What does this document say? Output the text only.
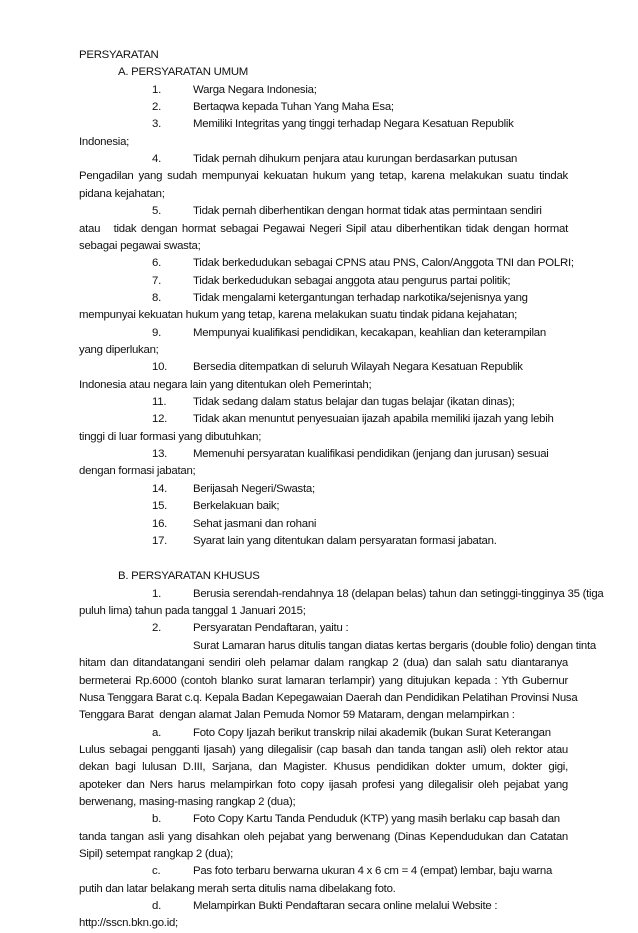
PERSYARATAN
A. PERSYARATAN UMUM
1.	Warga Negara Indonesia;
2.	Bertaqwa kepada Tuhan Yang Maha Esa;
3.	Memiliki Integritas yang tinggi terhadap Negara Kesatuan Republik
Indonesia;
4.	Tidak pernah dihukum penjara atau kurungan berdasarkan putusan
Pengadilan yang sudah mempunyai kekuatan hukum yang tetap, karena melakukan suatu tindak
pidana kejahatan;
5.	Tidak pernah diberhentikan dengan hormat tidak atas permintaan sendiri
atau   tidak dengan hormat sebagai Pegawai Negeri Sipil atau diberhentikan tidak dengan hormat
sebagai pegawai swasta;
6.	Tidak berkedudukan sebagai CPNS atau PNS, Calon/Anggota TNI dan POLRI;
7.	Tidak berkedudukan sebagai anggota atau pengurus partai politik;
8.	Tidak mengalami ketergantungan terhadap narkotika/sejenisnya yang
mempunyai kekuatan hukum yang tetap, karena melakukan suatu tindak pidana kejahatan;
9.	Mempunyai kualifikasi pendidikan, kecakapan, keahlian dan keterampilan
yang diperlukan;
10. Bersedia ditempatkan di seluruh Wilayah Negara Kesatuan Republik
Indonesia atau negara lain yang ditentukan oleh Pemerintah;
11. Tidak sedang dalam status belajar dan tugas belajar (ikatan dinas);
12. Tidak akan menuntut penyesuaian ijazah apabila memiliki ijazah yang lebih
tinggi di luar formasi yang dibutuhkan;
13. Memenuhi persyaratan kualifikasi pendidikan (jenjang dan jurusan) sesuai
dengan formasi jabatan;
14. Berijasah Negeri/Swasta;
15. Berkelakuan baik;
16. Sehat jasmani dan rohani
17. Syarat lain yang ditentukan dalam persyaratan formasi jabatan.
B. PERSYARATAN KHUSUS
1.	Berusia serendah-rendahnya 18 (delapan belas) tahun dan setinggi-tingginya 35 (tiga
puluh lima) tahun pada tanggal 1 Januari 2015;
2.	Persyaratan Pendaftaran, yaitu :
Surat Lamaran harus ditulis tangan diatas kertas bergaris (double folio) dengan tinta
hitam dan ditandatangani sendiri oleh pelamar dalam rangkap 2 (dua) dan salah satu diantaranya
bermeterai Rp.6000 (contoh blanko surat lamaran terlampir) yang ditujukan kepada : Yth Gubernur
Nusa Tenggara Barat c.q. Kepala Badan Kepegawaian Daerah dan Pendidikan Pelatihan Provinsi Nusa
Tenggara Barat  dengan alamat Jalan Pemuda Nomor 59 Mataram, dengan melampirkan :
a.	Foto Copy Ijazah berikut transkrip nilai akademik (bukan Surat Keterangan
Lulus sebagai pengganti Ijasah) yang dilegalisir (cap basah dan tanda tangan asli) oleh rektor atau
dekan bagi lulusan D.III, Sarjana, dan Magister. Khusus pendidikan dokter umum, dokter gigi,
apoteker dan Ners harus melampirkan foto copy ijasah profesi yang dilegalisir oleh pejabat yang
berwenang, masing-masing rangkap 2 (dua);
b.	Foto Copy Kartu Tanda Penduduk (KTP) yang masih berlaku cap basah dan
tanda tangan asli yang disahkan oleh pejabat yang berwenang (Dinas Kependudukan dan Catatan
Sipil) setempat rangkap 2 (dua);
c.	Pas foto terbaru berwarna ukuran 4 x 6 cm = 4 (empat) lembar, baju warna
putih dan latar belakang merah serta ditulis nama dibelakang foto.
d.	Melampirkan Bukti Pendaftaran secara online melalui Website :
http://sscn.bkn.go.id;
